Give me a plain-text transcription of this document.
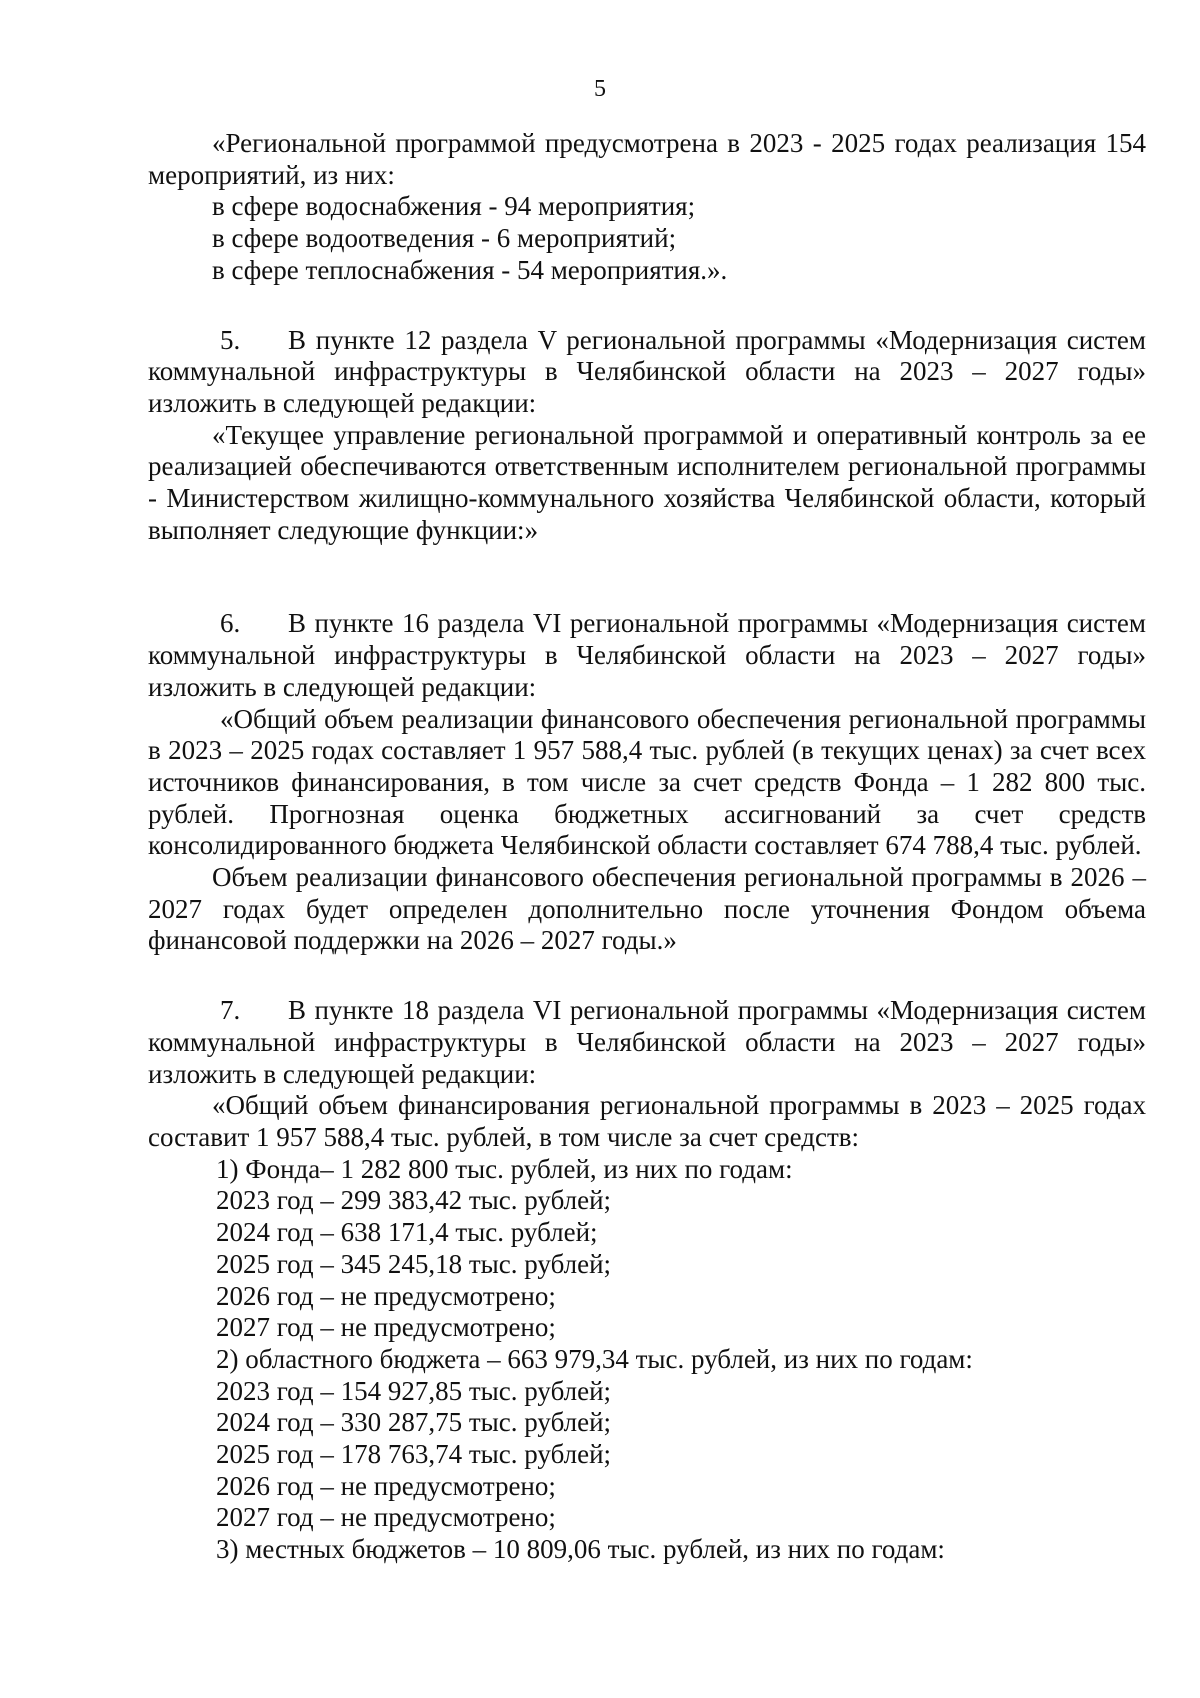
5

«Региональной программой предусмотрена в 2023 - 2025 годах реализация 154 мероприятий, из них:

в сфере водоснабжения - 94 мероприятия;

в сфере водоотведения - 6 мероприятий;

в сфере теплоснабжения - 54 мероприятия.».

5. В пункте 12 раздела V региональной программы «Модернизация систем коммунальной инфраструктуры в Челябинской области на 2023 – 2027 годы» изложить в следующей редакции:

«Текущее управление региональной программой и оперативный контроль за ее реализацией обеспечиваются ответственным исполнителем региональной программы - Министерством жилищно-коммунального хозяйства Челябинской области, который выполняет следующие функции:»

6. В пункте 16 раздела VI региональной программы «Модернизация систем коммунальной инфраструктуры в Челябинской области на 2023 – 2027 годы» изложить в следующей редакции:

«Общий объем реализации финансового обеспечения региональной программы в 2023 – 2025 годах составляет 1 957 588,4 тыс. рублей (в текущих ценах) за счет всех источников финансирования, в том числе за счет средств Фонда – 1 282 800 тыс. рублей. Прогнозная оценка бюджетных ассигнований за счет средств консолидированного бюджета Челябинской области составляет 674 788,4 тыс. рублей.

Объем реализации финансового обеспечения региональной программы в 2026 – 2027 годах будет определен дополнительно после уточнения Фондом объема финансовой поддержки на 2026 – 2027 годы.»

7. В пункте 18 раздела VI региональной программы «Модернизация систем коммунальной инфраструктуры в Челябинской области на 2023 – 2027 годы» изложить в следующей редакции:

«Общий объем финансирования региональной программы в 2023 – 2025 годах составит 1 957 588,4 тыс. рублей, в том числе за счет средств:

1) Фонда– 1 282 800 тыс. рублей, из них по годам:

2023 год – 299 383,42 тыс. рублей;

2024 год – 638 171,4 тыс. рублей;

2025 год – 345 245,18 тыс. рублей;

2026 год – не предусмотрено;

2027 год – не предусмотрено;

2) областного бюджета – 663 979,34 тыс. рублей, из них по годам:

2023 год – 154 927,85 тыс. рублей;

2024 год – 330 287,75 тыс. рублей;

2025 год – 178 763,74 тыс. рублей;

2026 год – не предусмотрено;

2027 год – не предусмотрено;

3) местных бюджетов – 10 809,06 тыс. рублей, из них по годам:
